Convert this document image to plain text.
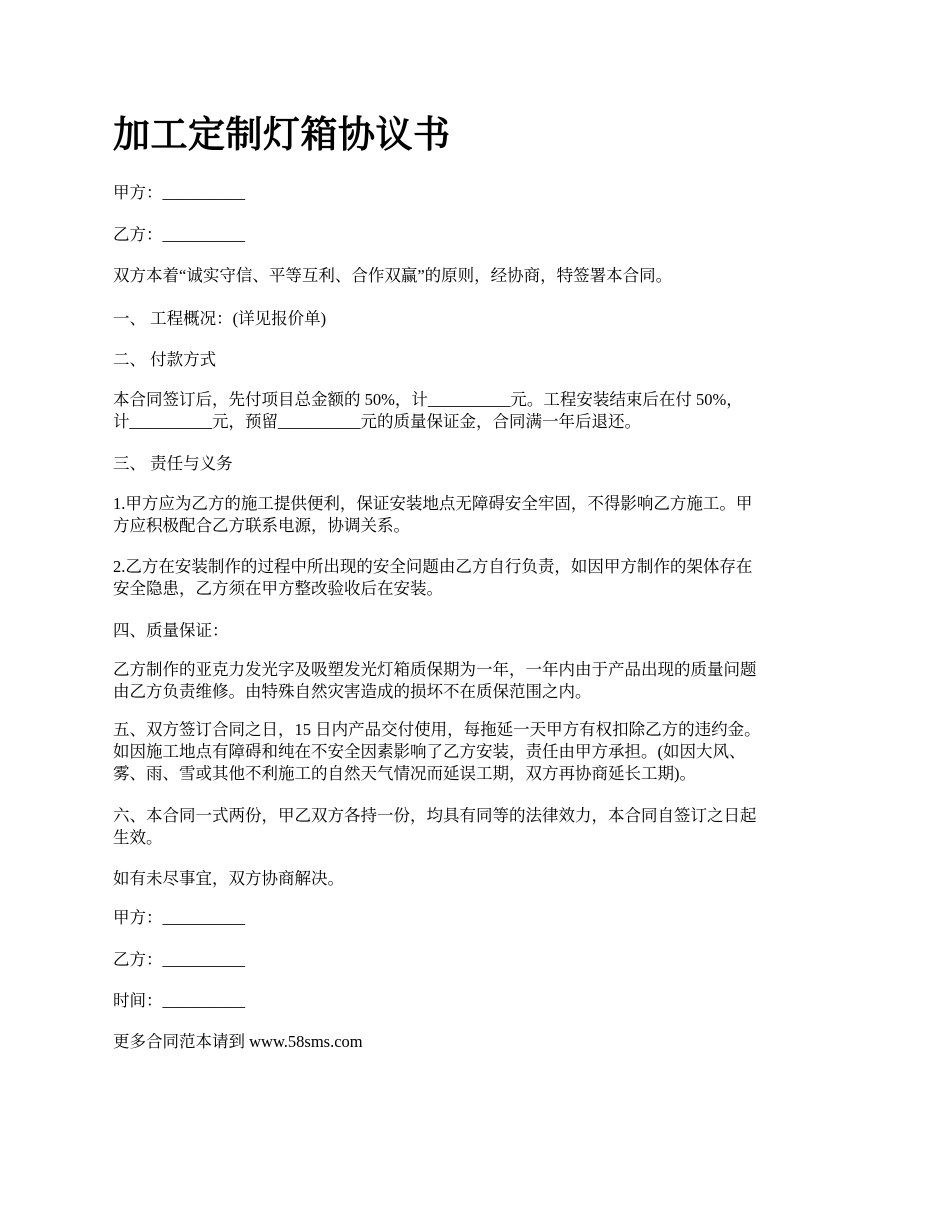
加工定制灯箱协议书

甲方：__________

乙方：__________

双方本着“诚实守信、平等互利、合作双赢”的原则，经协商，特签署本合同。

一、 工程概况：(详见报价单)

二、 付款方式

本合同签订后，先付项目总金额的 50%，计__________元。工程安装结束后在付 50%，
计__________元，预留__________元的质量保证金，合同满一年后退还。

三、 责任与义务

1.甲方应为乙方的施工提供便利，保证安装地点无障碍安全牢固，不得影响乙方施工。甲
方应积极配合乙方联系电源，协调关系。

2.乙方在安装制作的过程中所出现的安全问题由乙方自行负责，如因甲方制作的架体存在
安全隐患，乙方须在甲方整改验收后在安装。

四、质量保证：

乙方制作的亚克力发光字及吸塑发光灯箱质保期为一年，一年内由于产品出现的质量问题
由乙方负责维修。由特殊自然灾害造成的损坏不在质保范围之内。

五、双方签订合同之日，15 日内产品交付使用，每拖延一天甲方有权扣除乙方的违约金。
如因施工地点有障碍和纯在不安全因素影响了乙方安装，责任由甲方承担。(如因大风、
雾、雨、雪或其他不利施工的自然天气情况而延误工期，双方再协商延长工期)。

六、本合同一式两份，甲乙双方各持一份，均具有同等的法律效力，本合同自签订之日起
生效。

如有未尽事宜，双方协商解决。

甲方：__________

乙方：__________

时间：__________

更多合同范本请到 www.58sms.com
